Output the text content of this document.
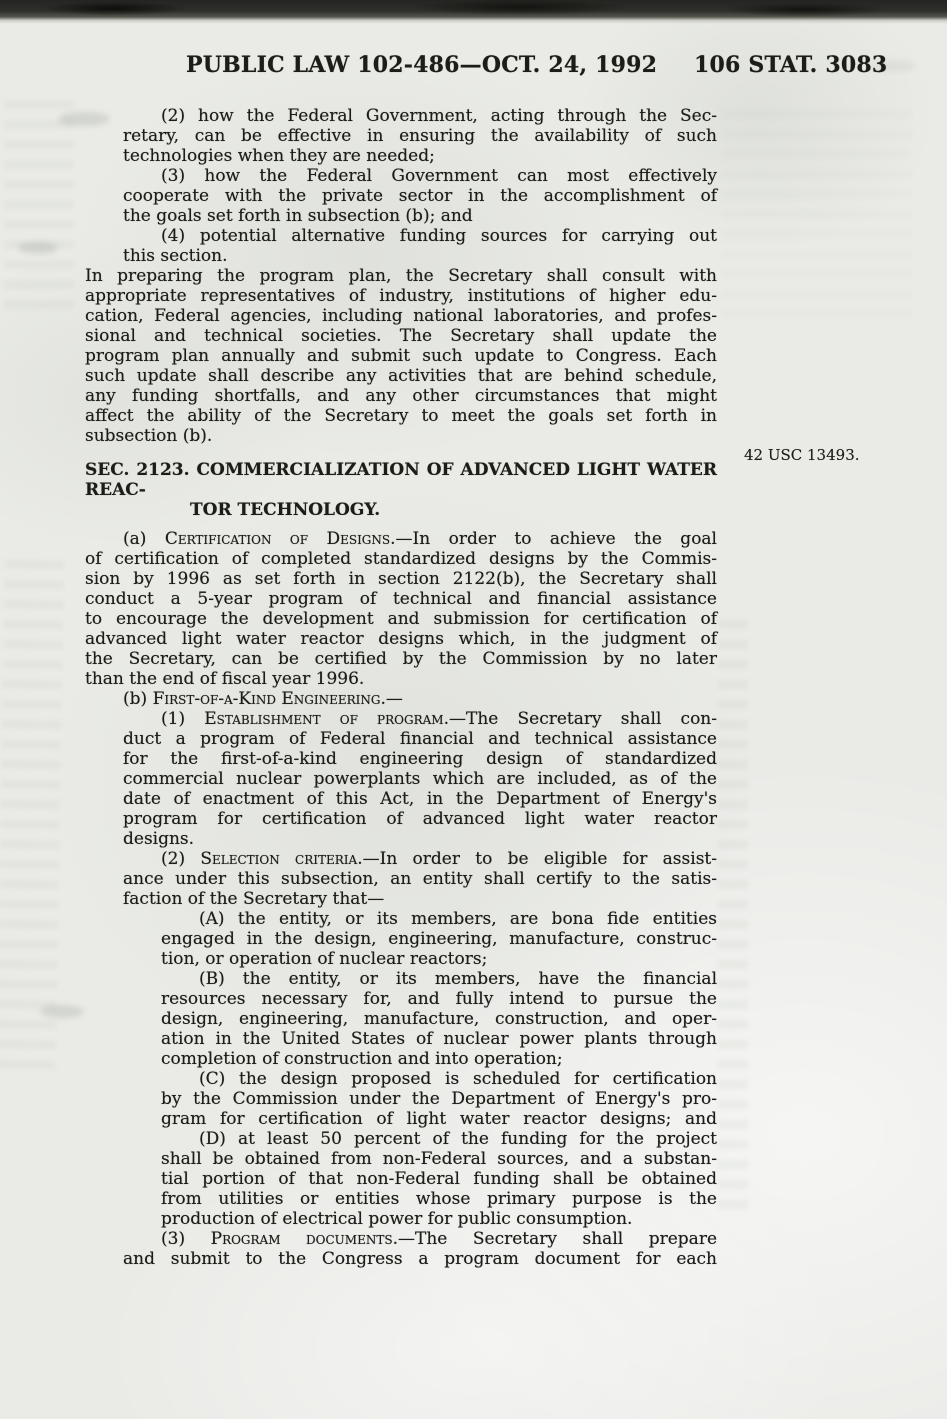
PUBLIC LAW 102-486—OCT. 24, 1992 106 STAT. 3083
42 USC 13493.
(2) how the Federal Government, acting through the Sec-
retary, can be effective in ensuring the availability of such
technologies when they are needed;
(3) how the Federal Government can most effectively
cooperate with the private sector in the accomplishment of
the goals set forth in subsection (b); and
(4) potential alternative funding sources for carrying out
this section.
In preparing the program plan, the Secretary shall consult with
appropriate representatives of industry, institutions of higher edu-
cation, Federal agencies, including national laboratories, and profes-
sional and technical societies. The Secretary shall update the
program plan annually and submit such update to Congress. Each
such update shall describe any activities that are behind schedule,
any funding shortfalls, and any other circumstances that might
affect the ability of the Secretary to meet the goals set forth in
subsection (b).
SEC. 2123. COMMERCIALIZATION OF ADVANCED LIGHT WATER REAC-
TOR TECHNOLOGY.
(a) Certification of Designs.—In order to achieve the goal
of certification of completed standardized designs by the Commis-
sion by 1996 as set forth in section 2122(b), the Secretary shall
conduct a 5-year program of technical and financial assistance
to encourage the development and submission for certification of
advanced light water reactor designs which, in the judgment of
the Secretary, can be certified by the Commission by no later
than the end of fiscal year 1996.
(b) First-of-a-Kind Engineering.—
(1) Establishment of program.—The Secretary shall con-
duct a program of Federal financial and technical assistance
for the first-of-a-kind engineering design of standardized
commercial nuclear powerplants which are included, as of the
date of enactment of this Act, in the Department of Energy's
program for certification of advanced light water reactor
designs.
(2) Selection criteria.—In order to be eligible for assist-
ance under this subsection, an entity shall certify to the satis-
faction of the Secretary that—
(A) the entity, or its members, are bona fide entities
engaged in the design, engineering, manufacture, construc-
tion, or operation of nuclear reactors;
(B) the entity, or its members, have the financial
resources necessary for, and fully intend to pursue the
design, engineering, manufacture, construction, and oper-
ation in the United States of nuclear power plants through
completion of construction and into operation;
(C) the design proposed is scheduled for certification
by the Commission under the Department of Energy's pro-
gram for certification of light water reactor designs; and
(D) at least 50 percent of the funding for the project
shall be obtained from non-Federal sources, and a substan-
tial portion of that non-Federal funding shall be obtained
from utilities or entities whose primary purpose is the
production of electrical power for public consumption.
(3) Program documents.—The Secretary shall prepare
and submit to the Congress a program document for each
